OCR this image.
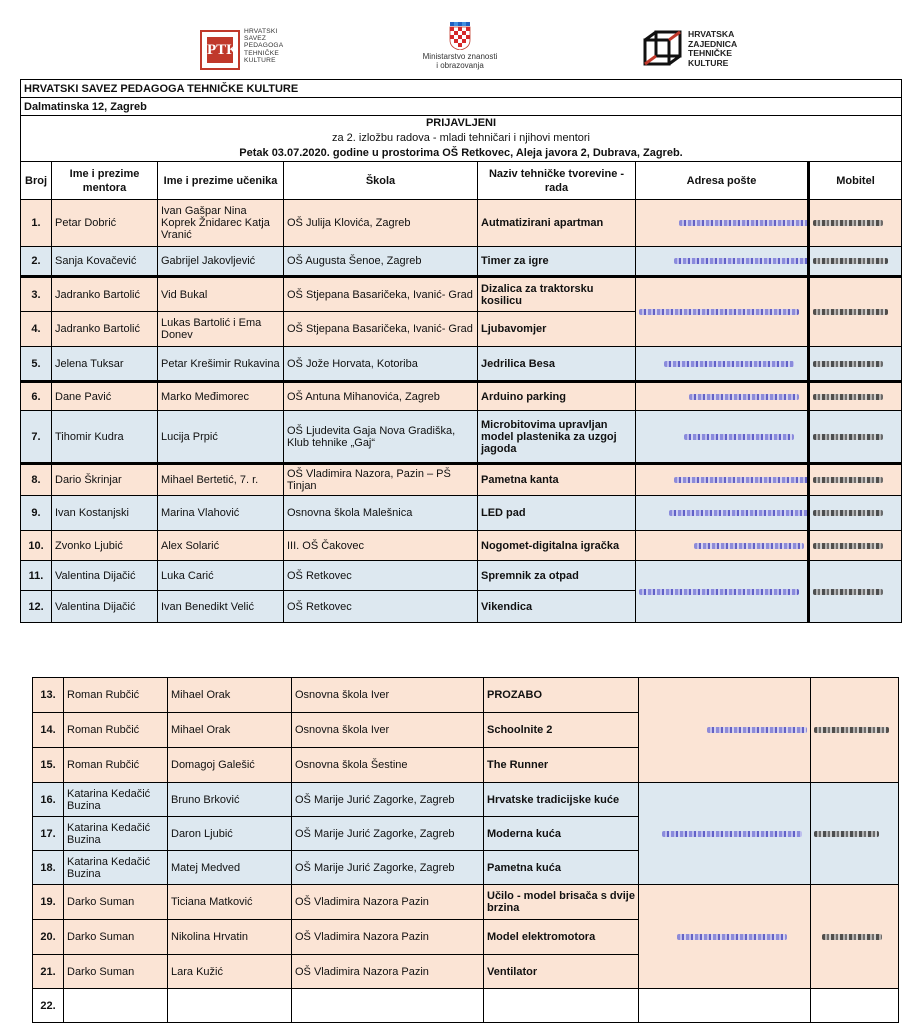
PTK
HRVATSKI
SAVEZ
PEDAGOGA
TEHNIČKE
KULTURE	Ministarstvo znanosti
i obrazovanja
HRVATSKA
ZAJEDNICA
TEHNIČKE
KULTURE
HRVATSKI SAVEZ PEDAGOGA TEHNIČKE KULTURE						
Dalmatinska 12, Zagreb						

PRIJAVLJENI
za 2. izložbu radova - mladi tehničari i njihovi mentori
Petak 03.07.2020. godine u prostorima OŠ Retkovec, Aleja javora 2, Dubrava, Zagreb.						

Broj	Ime i prezime mentora	Ime i prezime učenika	Škola	Naziv tehničke tvorevine - rada	Adresa pošte	Mobitel
1.	Petar Dobrić	Ivan Gašpar Nina Koprek Žnidarec Katja Vranić	OŠ Julija Klovića, Zagreb	Autmatizirani apartman		
2.	Sanja Kovačević	Gabrijel Jakovljević	OŠ Augusta Šenoe, Zagreb	Timer za igre		
3.	Jadranko Bartolić	Vid Bukal	OŠ Stjepana Basaričeka, Ivanić- Grad	Dizalica za traktorsku kosilicu		
4.	Jadranko Bartolić	Lukas Bartolić i Ema Donev	OŠ Stjepana Basaričeka, Ivanić- Grad	Ljubavomjer		
5.	Jelena Tuksar	Petar Krešimir Rukavina	OŠ Jože Horvata, Kotoriba	Jedrilica Besa		
6.	Dane Pavić	Marko Međimorec	OŠ Antuna Mihanovića, Zagreb	Arduino parking		
7.	Tihomir Kudra	Lucija Prpić	OŠ Ljudevita Gaja Nova Gradiška, Klub tehnike „Gaj“	Microbitovima upravljan model plastenika za uzgoj jagoda		
8.	Dario Škrinjar	Mihael Bertetić, 7. r.	OŠ Vladimira Nazora, Pazin – PŠ Tinjan	Pametna kanta		
9.	Ivan Kostanjski	Marina Vlahović	Osnovna škola Malešnica	LED pad		
10.	Zvonko Ljubić	Alex Solarić	III. OŠ Čakovec	Nogomet-digitalna igračka		
11.	Valentina Dijačić	Luka Carić	OŠ Retkovec	Spremnik za otpad		
12.	Valentina Dijačić	Ivan Benedikt Velić	OŠ Retkovec	Vikendica		
13.	Roman Rubčić	Mihael Orak	Osnovna škola Iver	PROZABO		
14.	Roman Rubčić	Mihael Orak	Osnovna škola Iver	Schoolnite 2		
15.	Roman Rubčić	Domagoj Galešić	Osnovna škola Šestine	The Runner		
16.	Katarina Kedačić Buzina	Bruno Brković	OŠ Marije Jurić Zagorke, Zagreb	Hrvatske tradicijske kuće		
17.	Katarina Kedačić Buzina	Daron Ljubić	OŠ Marije Jurić Zagorke, Zagreb	Moderna kuća		
18.	Katarina Kedačić Buzina	Matej Medved	OŠ Marije Jurić Zagorke, Zagreb	Pametna kuća		
19.	Darko Suman	Ticiana Matković	OŠ Vladimira Nazora Pazin	Učilo - model brisača s dvije brzina		
20.	Darko Suman	Nikolina Hrvatin	OŠ Vladimira Nazora Pazin	Model elektromotora		
21.	Darko Suman	Lara Kužić	OŠ Vladimira Nazora Pazin	Ventilator		
22.						
